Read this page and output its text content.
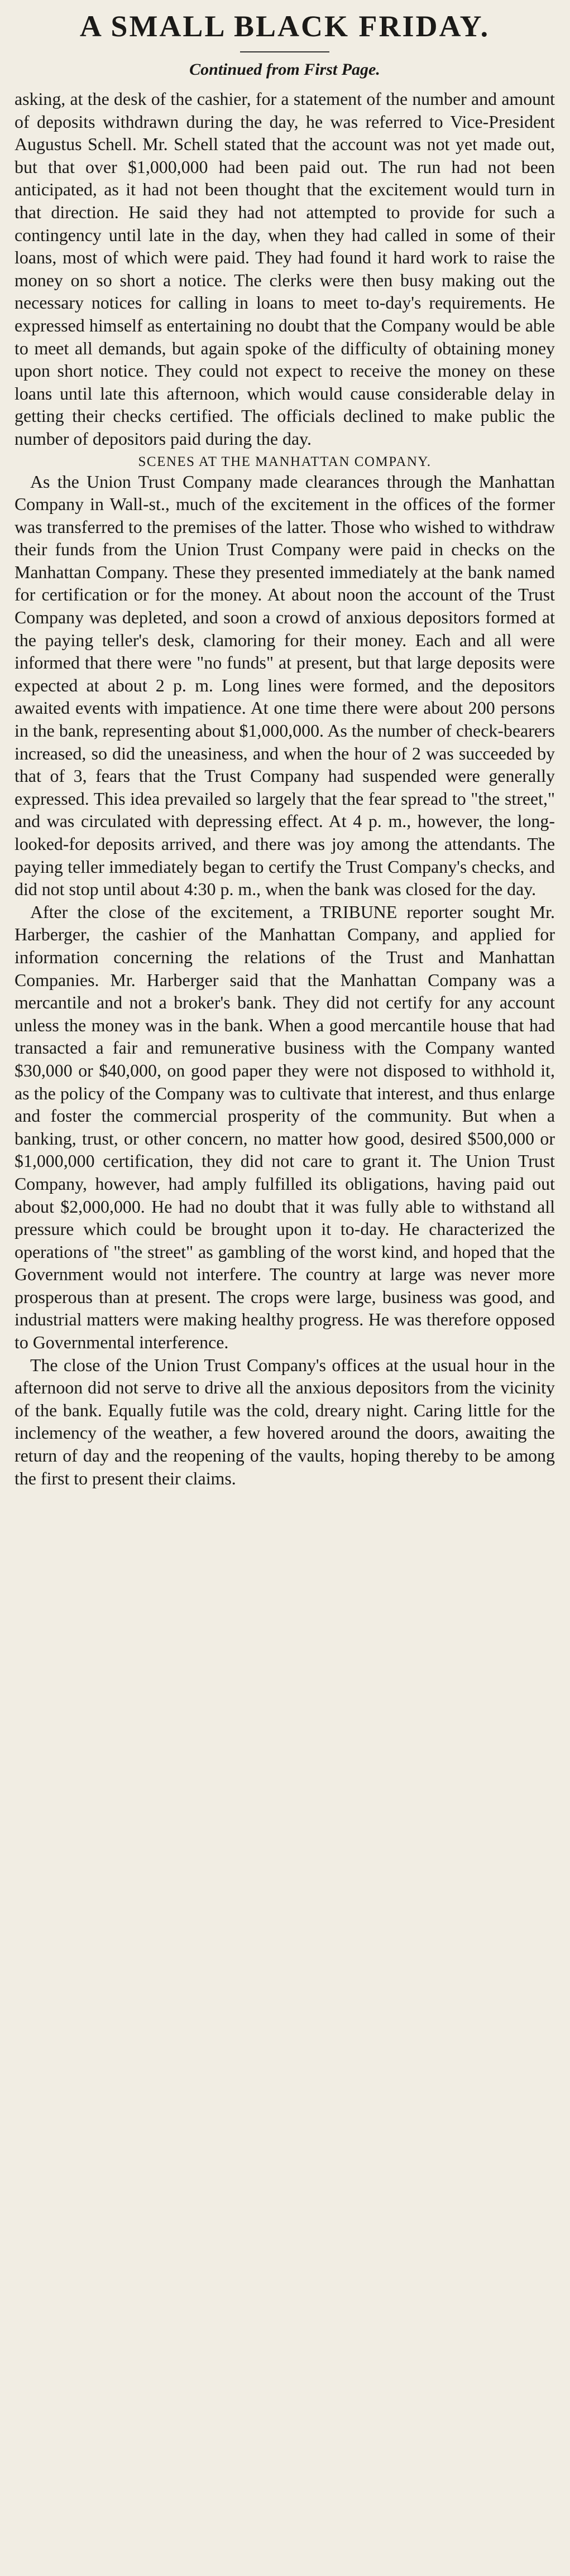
A SMALL BLACK FRIDAY.
Continued from First Page.

asking, at the desk of the cashier, for a statement of the number and amount of deposits withdrawn during the day, he was referred to Vice-President Augustus Schell. Mr. Schell stated that the account was not yet made out, but that over $1,000,000 had been paid out. The run had not been anticipated, as it had not been thought that the excitement would turn in that direction. He said they had not attempted to provide for such a contingency until late in the day, when they had called in some of their loans, most of which were paid. They had found it hard work to raise the money on so short a notice. The clerks were then busy making out the necessary notices for calling in loans to meet to-day's requirements. He expressed himself as entertaining no doubt that the Company would be able to meet all demands, but again spoke of the difficulty of obtaining money upon short notice. They could not expect to receive the money on these loans until late this afternoon, which would cause considerable delay in getting their checks certified. The officials declined to make public the number of depositors paid during the day.

SCENES AT THE MANHATTAN COMPANY.

As the Union Trust Company made clearances through the Manhattan Company in Wall-st., much of the excitement in the offices of the former was transferred to the premises of the latter. Those who wished to withdraw their funds from the Union Trust Company were paid in checks on the Manhattan Company. These they presented immediately at the bank named for certification or for the money. At about noon the account of the Trust Company was depleted, and soon a crowd of anxious depositors formed at the paying teller's desk, clamoring for their money. Each and all were informed that there were "no funds" at present, but that large deposits were expected at about 2 p. m. Long lines were formed, and the depositors awaited events with impatience. At one time there were about 200 persons in the bank, representing about $1,000,000. As the number of check-bearers increased, so did the uneasiness, and when the hour of 2 was succeeded by that of 3, fears that the Trust Company had suspended were generally expressed. This idea prevailed so largely that the fear spread to "the street," and was circulated with depressing effect. At 4 p. m., however, the long-looked-for deposits arrived, and there was joy among the attendants. The paying teller immediately began to certify the Trust Company's checks, and did not stop until about 4:30 p. m., when the bank was closed for the day.

After the close of the excitement, a TRIBUNE reporter sought Mr. Harberger, the cashier of the Manhattan Company, and applied for information concerning the relations of the Trust and Manhattan Companies. Mr. Harberger said that the Manhattan Company was a mercantile and not a broker's bank. They did not certify for any account unless the money was in the bank. When a good mercantile house that had transacted a fair and remunerative business with the Company wanted $30,000 or $40,000, on good paper they were not disposed to withhold it, as the policy of the Company was to cultivate that interest, and thus enlarge and foster the commercial prosperity of the community. But when a banking, trust, or other concern, no matter how good, desired $500,000 or $1,000,000 certification, they did not care to grant it. The Union Trust Company, however, had amply fulfilled its obligations, having paid out about $2,000,000. He had no doubt that it was fully able to withstand all pressure which could be brought upon it to-day. He characterized the operations of "the street" as gambling of the worst kind, and hoped that the Government would not interfere. The country at large was never more prosperous than at present. The crops were large, business was good, and industrial matters were making healthy progress. He was therefore opposed to Governmental interference.

The close of the Union Trust Company's offices at the usual hour in the afternoon did not serve to drive all the anxious depositors from the vicinity of the bank. Equally futile was the cold, dreary night. Caring little for the inclemency of the weather, a few hovered around the doors, awaiting the return of day and the reopening of the vaults, hoping thereby to be among the first to present their claims.
